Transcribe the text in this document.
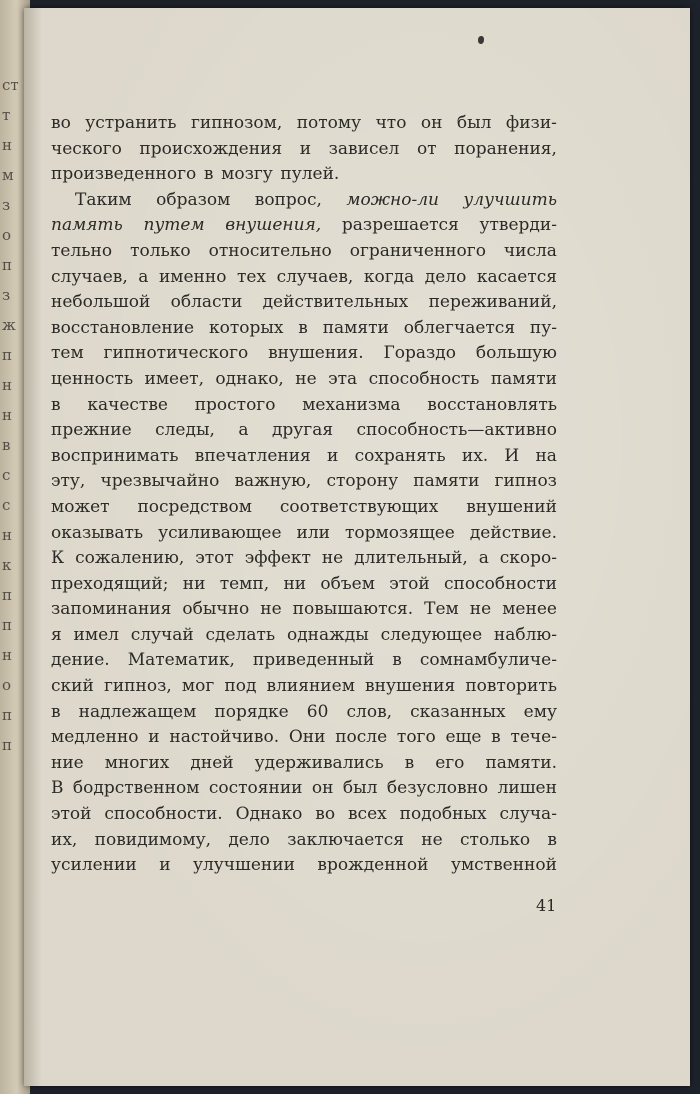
ст
т
н
м
з
о
п
з
ж
п
н
н
в
с
с
н
к
п
п
н
о
п
п
во устранить гипнозом, потому что он был физи-
ческого происхождения и зависел от поранения,
произведенного в мозгу пулей.
Таким образом вопрос, можно-ли улучшить
память путем внушения, разрешается утверди-
тельно только относительно ограниченного числа
случаев, а именно тех случаев, когда дело касается
небольшой области действительных переживаний,
восстановление которых в памяти облегчается пу-
тем гипнотического внушения. Гораздо большую
ценность имеет, однако, не эта способность памяти
в качестве простого механизма восстановлять
прежние следы, а другая способность—активно
воспринимать впечатления и сохранять их. И на
эту, чрезвычайно важную, сторону памяти гипноз
может посредством соответствующих внушений
оказывать усиливающее или тормозящее действие.
К сожалению, этот эффект не длительный, а скоро-
преходящий; ни темп, ни объем этой способности
запоминания обычно не повышаются. Тем не менее
я имел случай сделать однажды следующее наблю-
дение. Математик, приведенный в сомнамбуличе-
ский гипноз, мог под влиянием внушения повторить
в надлежащем порядке 60 слов, сказанных ему
медленно и настойчиво. Они после того еще в тече-
ние многих дней удерживались в его памяти.
В бодрственном состоянии он был безусловно лишен
этой способности. Однако во всех подобных случа-
их, повидимому, дело заключается не столько в
усилении и улучшении врожденной умственной
41
